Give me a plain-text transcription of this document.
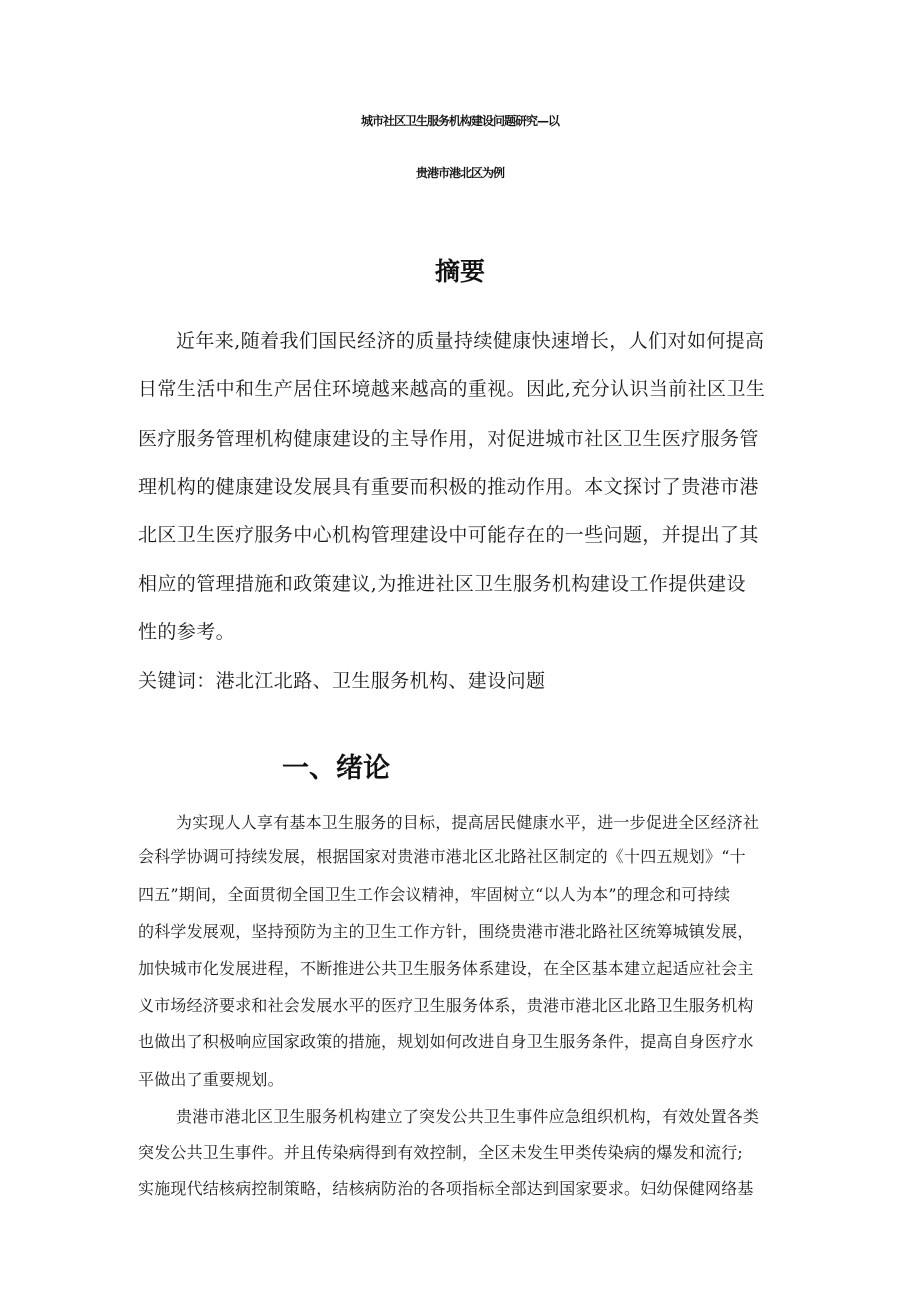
城市社区卫生服务机构建设问题研究—以
贵港市港北区为例
摘要

近年来,随着我们国民经济的质量持续健康快速增长，人们对如何提高

日常生活中和生产居住环境越来越高的重视。因此,充分认识当前社区卫生

医疗服务管理机构健康建设的主导作用，对促进城市社区卫生医疗服务管

理机构的健康建设发展具有重要而积极的推动作用。本文探讨了贵港市港

北区卫生医疗服务中心机构管理建设中可能存在的一些问题，并提出了其

相应的管理措施和政策建议,为推进社区卫生服务机构建设工作提供建设

性的参考。

关键词：港北江北路、卫生服务机构、建设问题

一、绪论

为实现人人享有基本卫生服务的目标，提高居民健康水平，进一步促进全区经济社

会科学协调可持续发展，根据国家对贵港市港北区北路社区制定的《十四五规划》“十

四五”期间，全面贯彻全国卫生工作会议精神，牢固树立“以人为本”的理念和可持续

的科学发展观，坚持预防为主的卫生工作方针，围绕贵港市港北路社区统筹城镇发展，

加快城市化发展进程，不断推进公共卫生服务体系建设，在全区基本建立起适应社会主

义市场经济要求和社会发展水平的医疗卫生服务体系，贵港市港北区北路卫生服务机构

也做出了积极响应国家政策的措施，规划如何改进自身卫生服务条件，提高自身医疗水

平做出了重要规划。

贵港市港北区卫生服务机构建立了突发公共卫生事件应急组织机构，有效处置各类

突发公共卫生事件。并且传染病得到有效控制，全区未发生甲类传染病的爆发和流行;

实施现代结核病控制策略，结核病防治的各项指标全部达到国家要求。妇幼保健网络基
